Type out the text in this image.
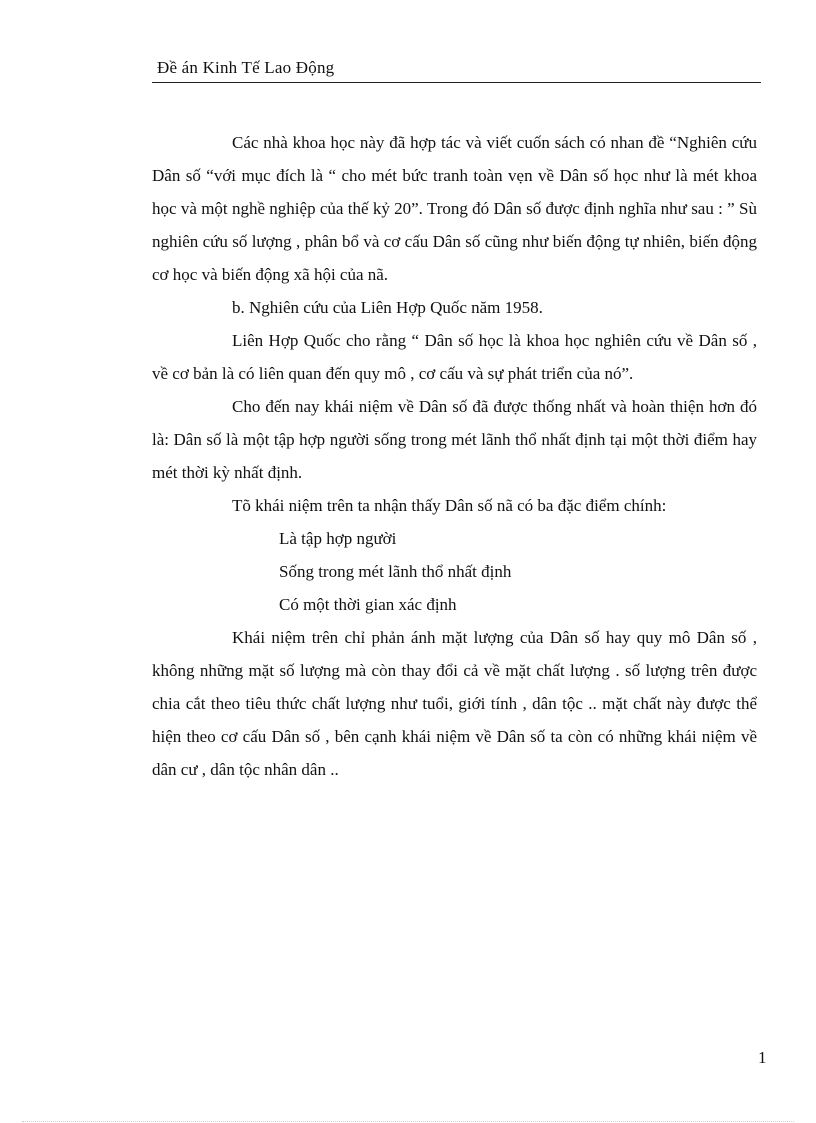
Đề án Kinh Tế Lao Động

Các nhà khoa học này đã hợp tác và viết cuốn sách có nhan đề “Nghiên cứu Dân số “với mục đích là “ cho mét bức tranh toàn vẹn về Dân số học như là mét khoa học và một nghề nghiệp của thế kỷ 20”. Trong đó Dân số được định nghĩa như sau : ” Sù nghiên cứu số lượng , phân bổ và cơ cấu Dân số cũng như biến động tự nhiên, biến động cơ học và biến động xã hội của nã.

b. Nghiên cứu của Liên Hợp Quốc năm 1958.

Liên Hợp Quốc cho rằng “ Dân số học là khoa học nghiên cứu về Dân số , về cơ bản là có liên quan đến quy mô , cơ cấu và sự phát triển của nó”.

Cho đến nay khái niệm về Dân số đã được thống nhất và hoàn thiện hơn đó là: Dân số là một tập hợp người sống trong mét lãnh thổ nhất định tại một thời điểm hay mét thời kỳ nhất định.

Tõ khái niệm trên ta nhận thấy Dân số nã có ba đặc điểm chính:

Là tập hợp người

Sống trong mét lãnh thổ nhất định

Có một thời gian xác định

Khái niệm trên chỉ phản ánh mặt lượng của Dân số hay quy mô Dân số , không những mặt số lượng mà còn thay đổi cả về mặt chất lượng . số lượng trên được chia cắt theo tiêu thức chất lượng như tuổi, giới tính , dân tộc .. mặt chất này được thể hiện theo cơ cấu Dân số , bên cạnh khái niệm về Dân số ta còn có những khái niệm về dân cư , dân tộc nhân dân ..

1
